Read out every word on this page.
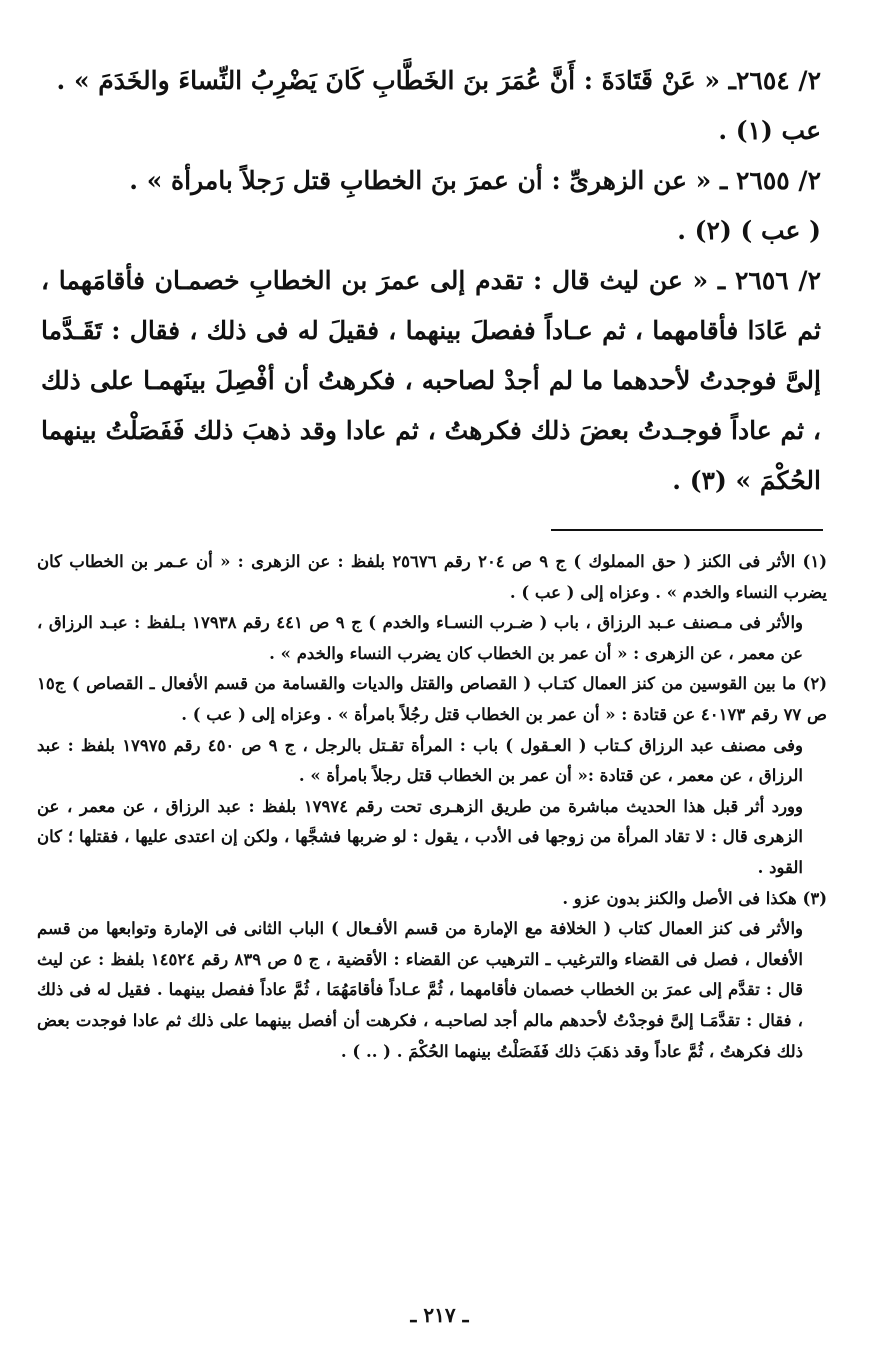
٢/ ٢٦٥٤ـ « عَنْ قَتَادَةَ : أَنَّ عُمَرَ بنَ الخَطَّابِ كَانَ يَضْرِبُ النِّساءَ والخَدَمَ » .

عب (١) .

٢/ ٢٦٥٥ ـ « عن الزهرىِّ : أن عمرَ بنَ الخطابِ قتل رَجلاً بامرأة » .

( عب ) (٢) .

٢/ ٢٦٥٦ ـ « عن ليث قال : تقدم إلى عمرَ بن الخطابِ خصمـان فأقامَهما ، ثم عَادَا فأقامهما ، ثم عـاداً ففصلَ بينهما ، فقيلَ له فى ذلك ، فقال : تَقَـدَّما إلىَّ فوجدتُ لأحدهما ما لم أجدْ لصاحبه ، فكرهتُ أن أفْصِلَ بينَهمـا على ذلك ، ثم عاداً فوجـدتُ بعضَ ذلك فكرهتُ ، ثم عادا وقد ذهبَ ذلك فَفَصَلْتُ بينهما الحُكْمَ » (٣) .

(١) الأثر فى الكنز ( حق المملوك ) ج ٩ ص ٢٠٤ رقم ٢٥٦٧٦ بلفظ : عن الزهرى : « أن عـمر بن الخطاب كان يضرب النساء والخدم » . وعزاه إلى ( عب ) .

والأثر فى مـصنف عـبد الرزاق ، باب ( ضـرب النسـاء والخدم ) ج ٩ ص ٤٤١ رقم ١٧٩٣٨ بـلفظ : عبـد الرزاق ، عن معمر ، عن الزهرى : « أن عمر بن الخطاب كان يضرب النساء والخدم » .

(٢) ما بين القوسين من كنز العمال كتـاب ( القصاص والقتل والديات والقسامة من قسم الأفعال ـ القصاص ) ج١٥ ص ٧٧ رقم ٤٠١٧٣ عن قتادة : « أن عمر بن الخطاب قتل رجُلاً بامرأة » . وعزاه إلى ( عب ) .

وفى مصنف عبد الرزاق كـتاب ( العـقول ) باب : المرأة تقـتل بالرجل ، ج ٩ ص ٤٥٠ رقم ١٧٩٧٥ بلفظ : عبد الرزاق ، عن معمر ، عن قتادة :« أن عمر بن الخطاب قتل رجلاً بامرأة » .

وورد أثر قبل هذا الحديث مباشرة من طريق الزهـرى تحت رقم ١٧٩٧٤ بلفظ : عبد الرزاق ، عن معمر ، عن الزهرى قال : لا تقاد المرأة من زوجها فى الأدب ، يقول : لو ضربها فشجَّها ، ولكن إن اعتدى عليها ، فقتلها ؛ كان القود .

(٣) هكذا فى الأصل والكنز بدون عزو .

والأثر فى كنز العمال كتاب ( الخلافة مع الإمارة من قسم الأفـعال ) الباب الثانى فى الإمارة وتوابعها من قسم الأفعال ، فصل فى القضاء والترغيب ـ الترهيب عن القضاء : الأقضية ، ج ٥ ص ٨٣٩ رقم ١٤٥٢٤ بلفظ : عن ليث قال : تقدَّم إلى عمرَ بن الخطاب خصمان فأقامهما ، ثُمَّ عـاداً فأقامَهُمَا ، ثُمَّ عاداً ففصل بينهما . فقيل له فى ذلك ، فقال : تقدَّمَـا إلىَّ فوجدْتُ لأحدهم مالم أجد لصاحبـه ، فكرهت أن أفصل بينهما على ذلك ثم عادا فوجدت بعض ذلك فكرهتُ ، ثُمَّ عاداً وقد ذهَبَ ذلك فَفَصَلْتُ بينهما الحُكْمَ . ( .. ) .

ـ ٢١٧ ـ
